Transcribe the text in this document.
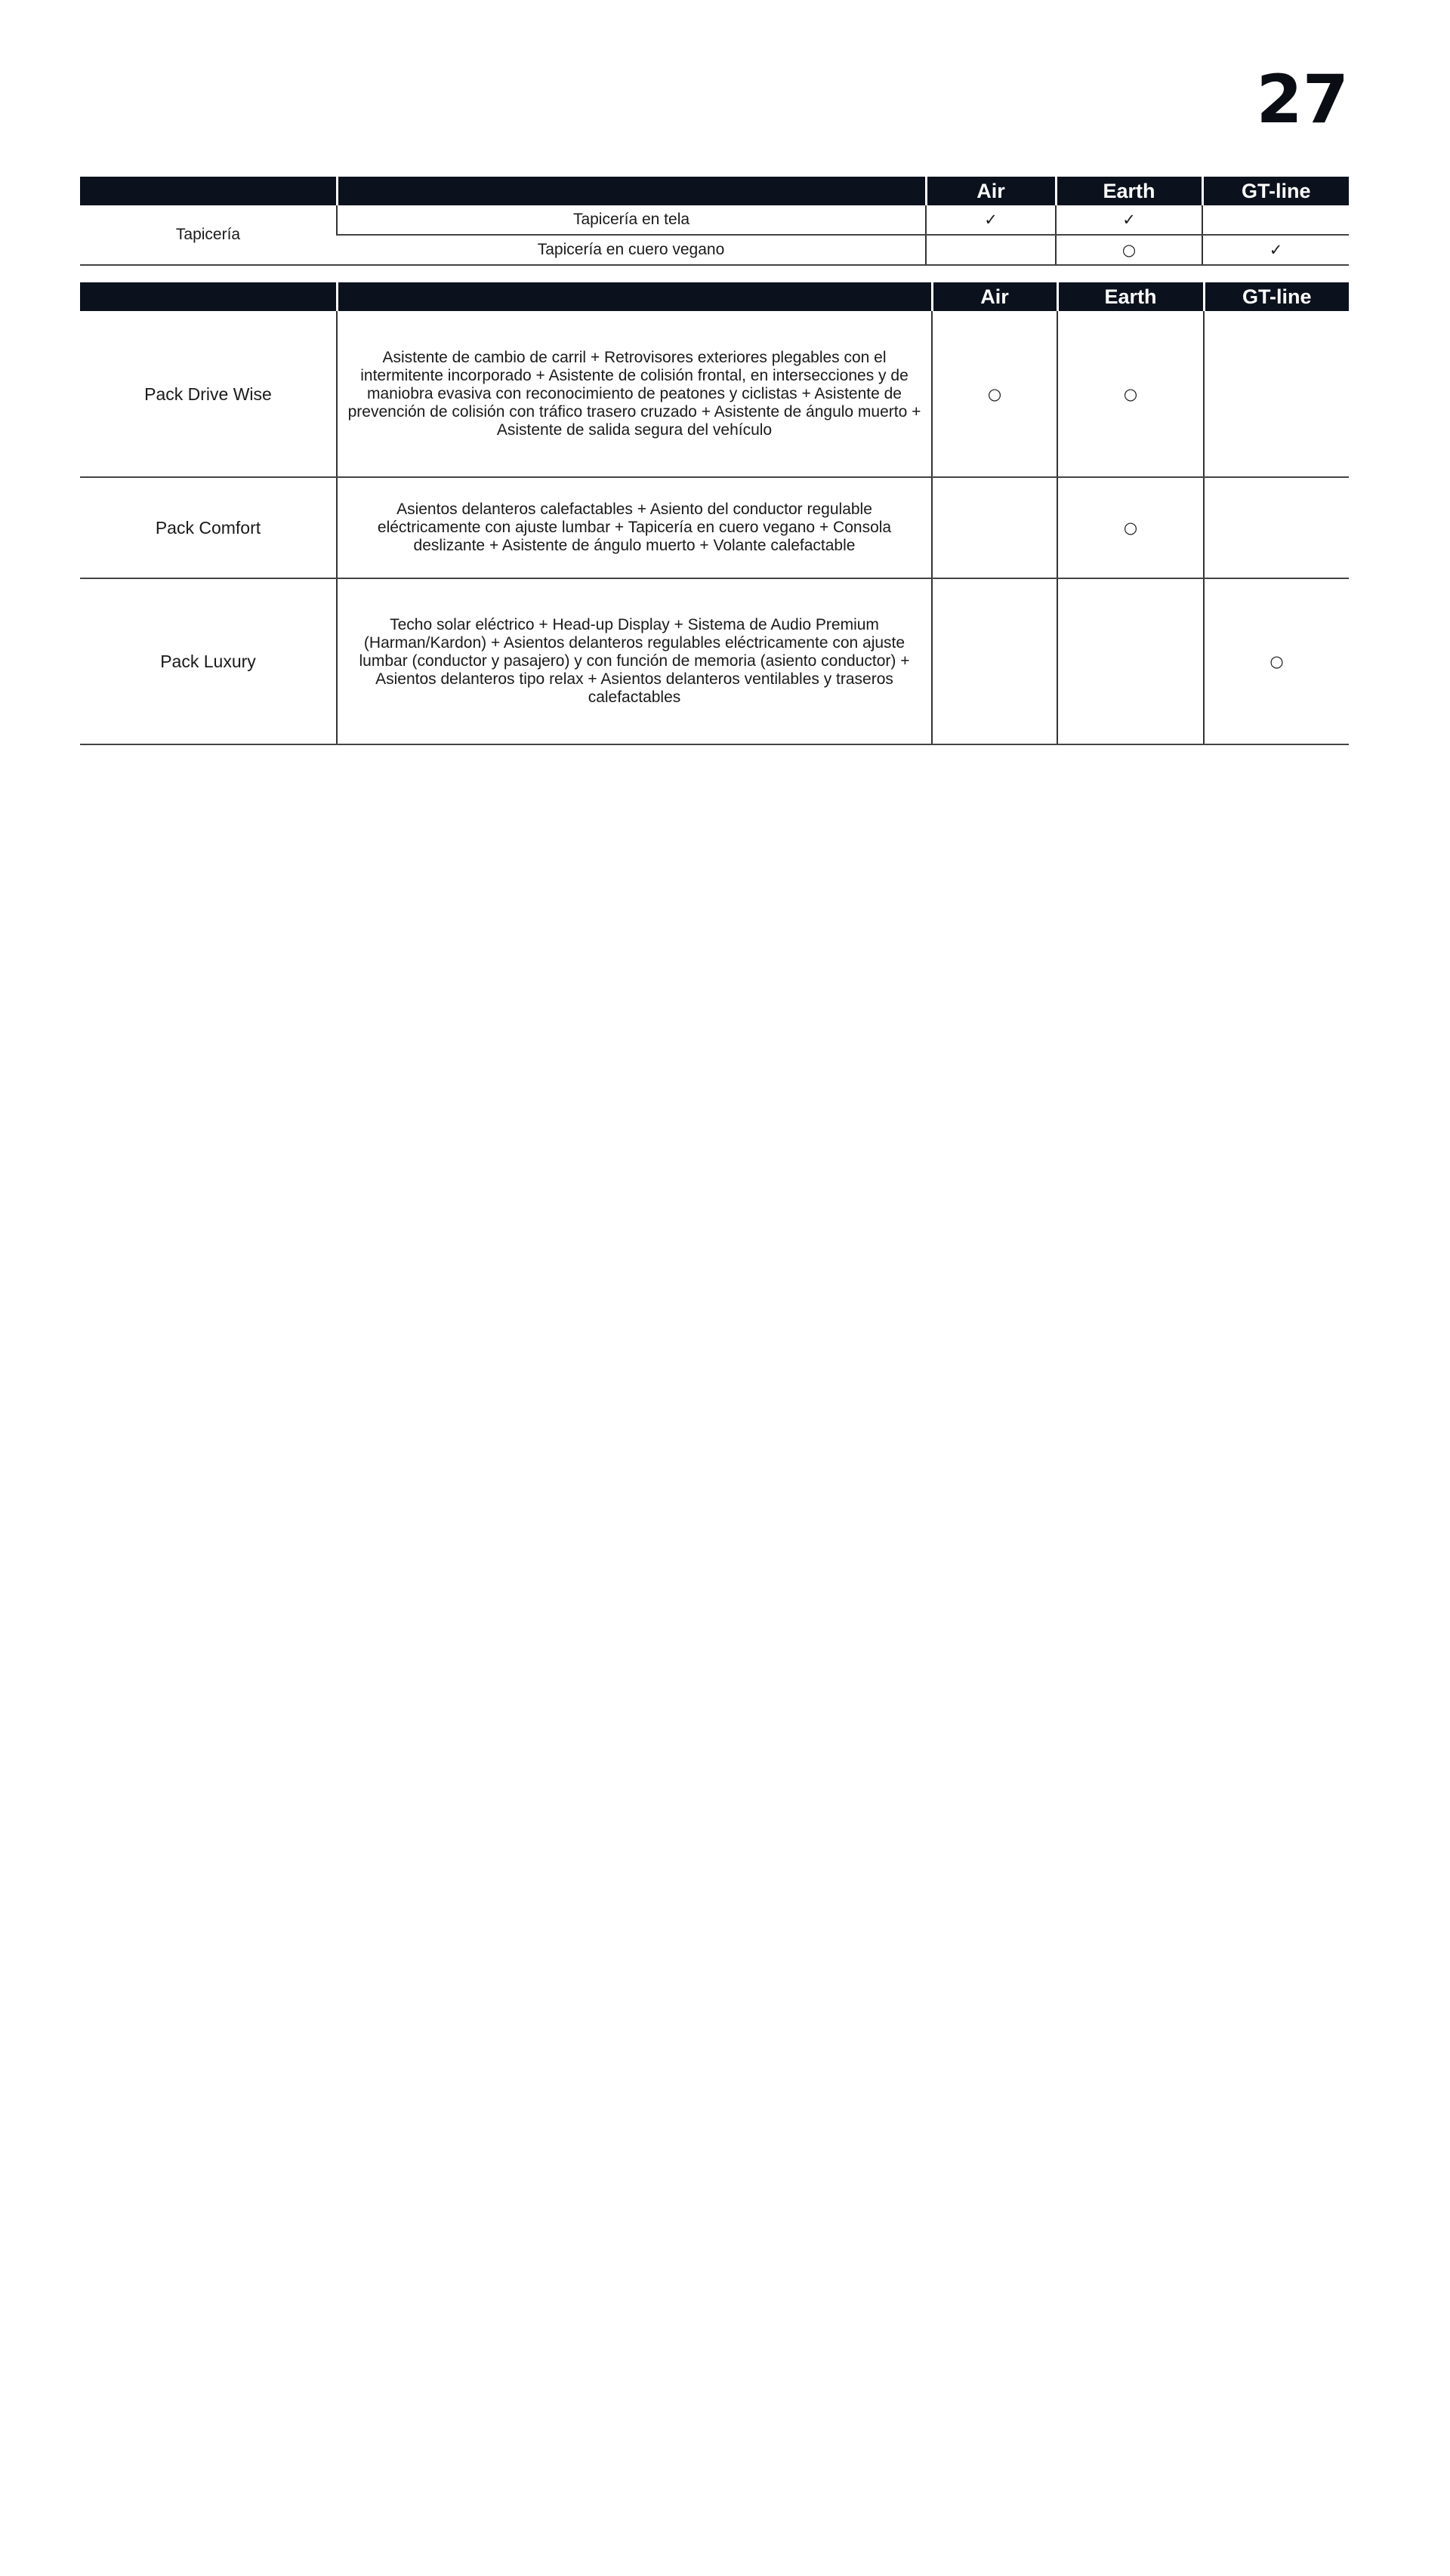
27
		Air	Earth	GT-line
Tapicería	Tapicería en tela	✓	✓	
	Tapicería en cuero vegano		○	✓
		Air	Earth	GT-line
Pack Drive Wise	Asistente de cambio de carril + Retrovisores exteriores plegables con el intermitente incorporado + Asistente de colisión frontal, en intersecciones y de maniobra evasiva con reconocimiento de peatones y ciclistas + Asistente de prevención de colisión con tráfico trasero cruzado + Asistente de ángulo muerto + Asistente de salida segura del vehículo	○	○	
Pack Comfort	Asientos delanteros calefactables + Asiento del conductor regulable eléctricamente con ajuste lumbar + Tapicería en cuero vegano + Consola deslizante + Asistente de ángulo muerto + Volante calefactable		○	
Pack Luxury	Techo solar eléctrico + Head-up Display + Sistema de Audio Premium (Harman/Kardon) + Asientos delanteros regulables eléctricamente con ajuste lumbar (conductor y pasajero) y con función de memoria (asiento conductor) + Asientos delanteros tipo relax + Asientos delanteros ventilables y traseros calefactables			○
